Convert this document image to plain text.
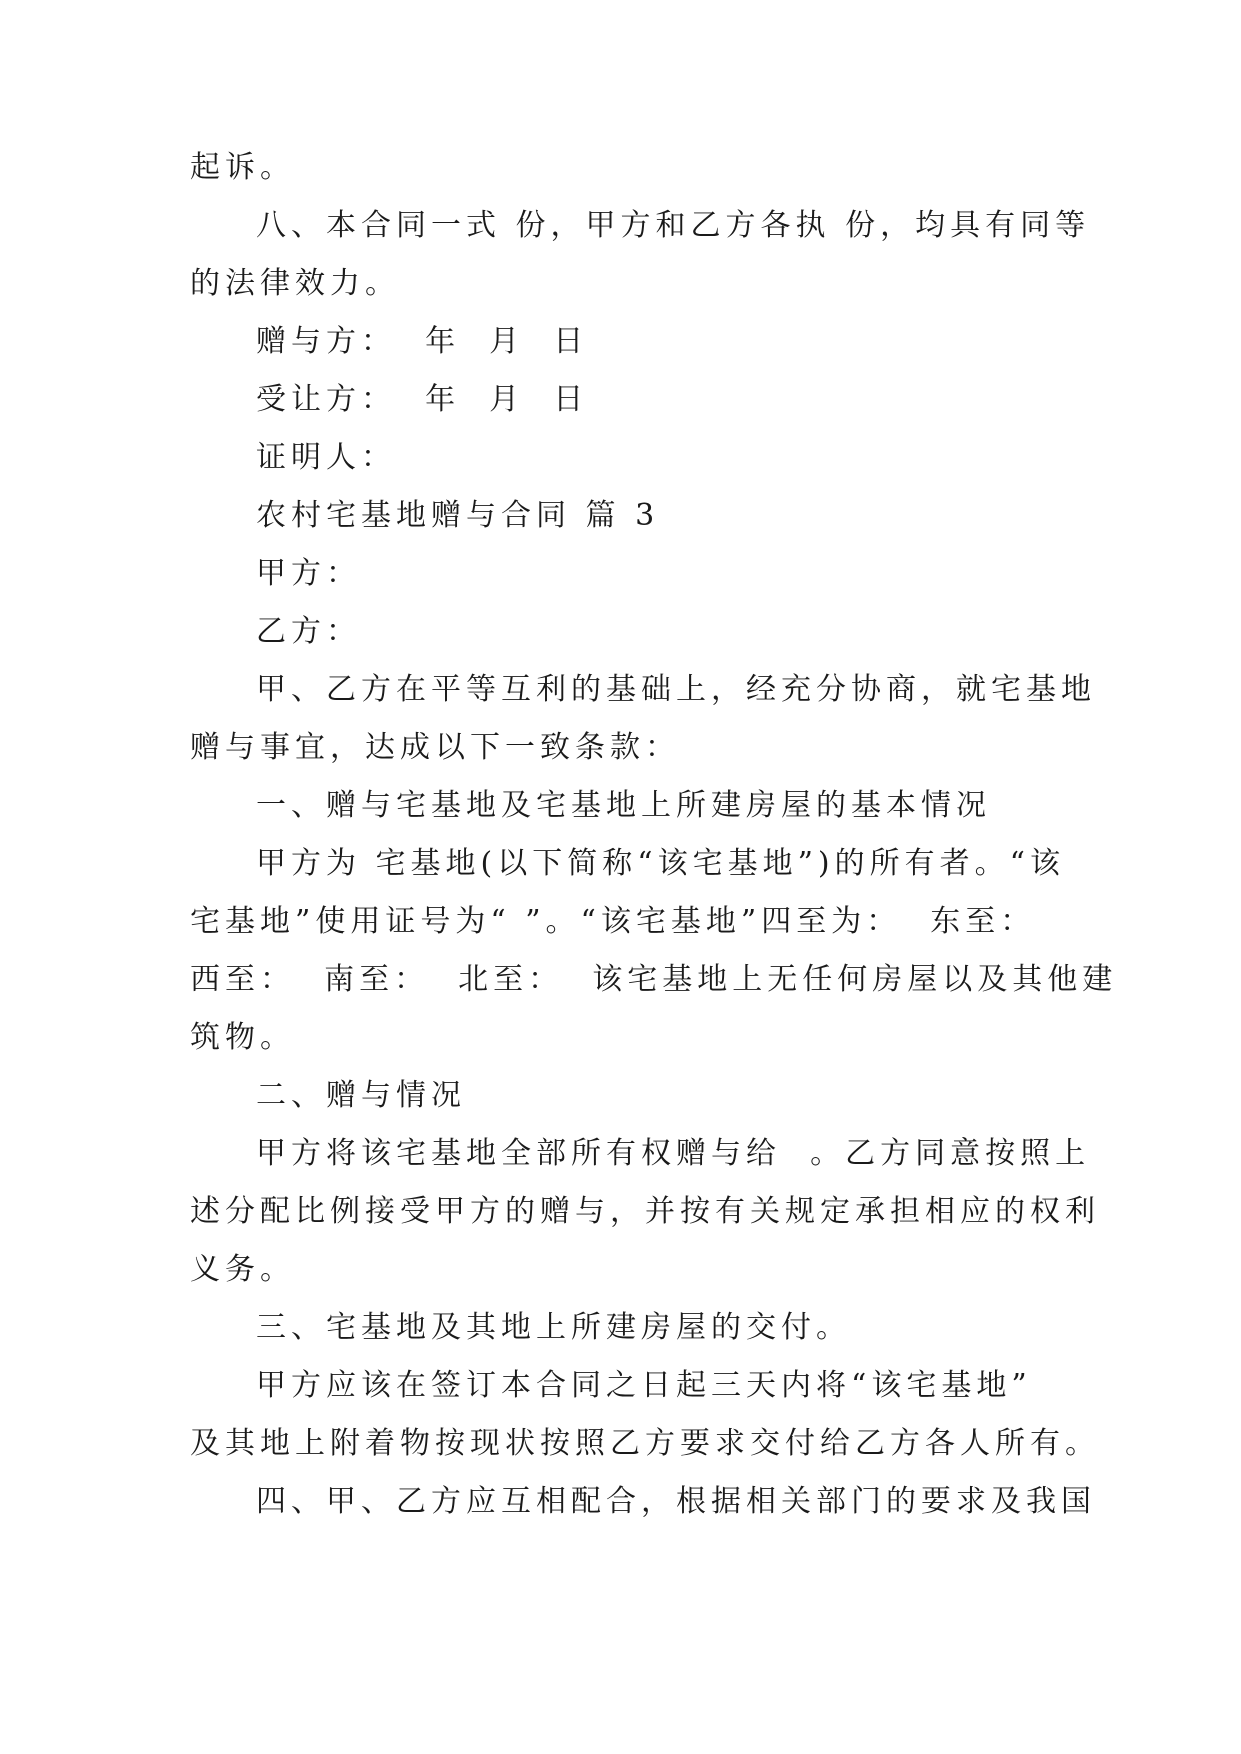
起诉。
八、本合同一式 份，甲方和乙方各执 份，均具有同等
的法律效力。
赠与方：  年  月  日
受让方：  年  月  日
证明人：
农村宅基地赠与合同 篇 3
甲方：
乙方：
甲、乙方在平等互利的基础上，经充分协商，就宅基地
赠与事宜，达成以下一致条款：
一、赠与宅基地及宅基地上所建房屋的基本情况
甲方为 宅基地(以下简称“该宅基地”)的所有者。“该
宅基地”使用证号为“ ”。“该宅基地”四至为：  东至：
西至：  南至：  北至：  该宅基地上无任何房屋以及其他建
筑物。
二、赠与情况
甲方将该宅基地全部所有权赠与给  。乙方同意按照上
述分配比例接受甲方的赠与，并按有关规定承担相应的权利
义务。
三、宅基地及其地上所建房屋的交付。
甲方应该在签订本合同之日起三天内将“该宅基地”
及其地上附着物按现状按照乙方要求交付给乙方各人所有。
四、甲、乙方应互相配合，根据相关部门的要求及我国
